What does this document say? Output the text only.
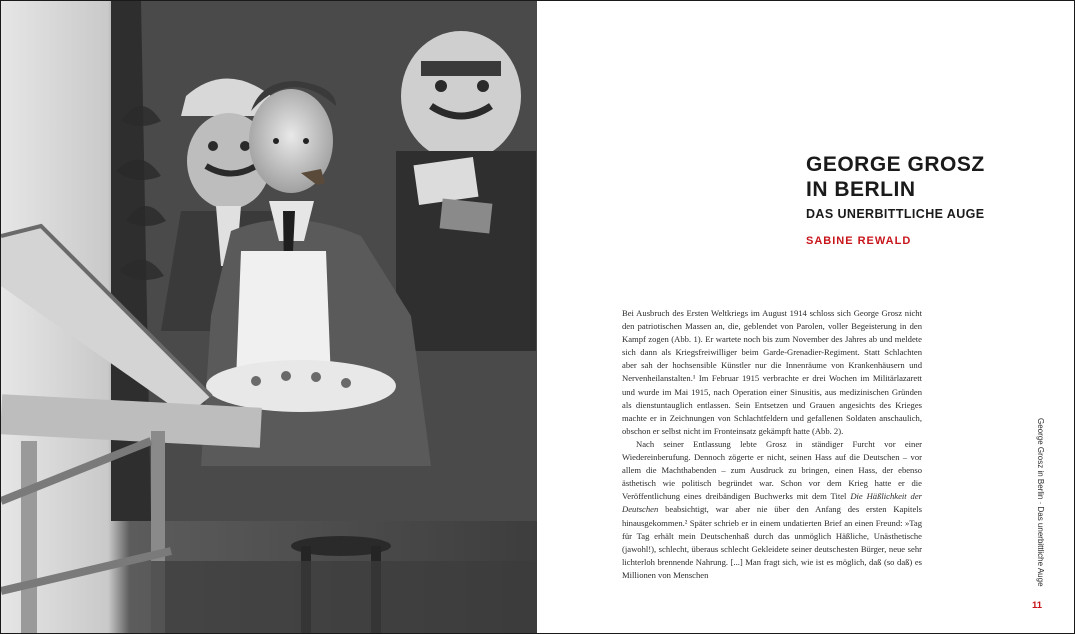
GEORGE GROSZ
IN BERLIN
DAS UNERBITTLICHE AUGE
SABINE REWALD

Bei Ausbruch des Ersten Weltkriegs im August 1914 schloss sich George Grosz nicht den patriotischen Massen an, die, geblendet von Parolen, voller Begeisterung in den Kampf zogen (Abb. 1). Er wartete noch bis zum November des Jahres ab und meldete sich dann als Kriegsfreiwilliger beim Garde-Grenadier-Regiment. Statt Schlachten aber sah der hochsensible Künstler nur die Innenräume von Krankenhäusern und Nervenheilanstalten.¹ Im Februar 1915 verbrachte er drei Wochen im Militärlazarett und wurde im Mai 1915, nach Operation einer Sinusitis, aus medizinischen Gründen als dienstuntauglich entlassen. Sein Entsetzen und Grauen angesichts des Krieges machte er in Zeichnungen von Schlachtfeldern und gefallenen Soldaten anschaulich, obschon er selbst nicht im Fronteinsatz gekämpft hatte (Abb. 2).

Nach seiner Entlassung lebte Grosz in ständiger Furcht vor einer Wiedereinberufung. Dennoch zögerte er nicht, seinen Hass auf die Deutschen – vor allem die Machthabenden – zum Ausdruck zu bringen, einen Hass, der ebenso ästhetisch wie politisch begründet war. Schon vor dem Krieg hatte er die Veröffentlichung eines dreibändigen Buchwerks mit dem Titel Die Häßlichkeit der Deutschen beabsichtigt, war aber nie über den Anfang des ersten Kapitels hinausgekommen.² Später schrieb er in einem undatierten Brief an einen Freund: »Tag für Tag erhält mein Deutschenhaß durch das unmöglich Häßliche, Unästhetische (jawohl!), schlecht, überaus schlecht Gekleidete seiner deutschesten Bürger, neue sehr lichterloh brennende Nahrung. [...] Man fragt sich, wie ist es möglich, daß (so daß) es Millionen von Menschen	George Grosz in Berlin · Das unerbittliche Auge
11
